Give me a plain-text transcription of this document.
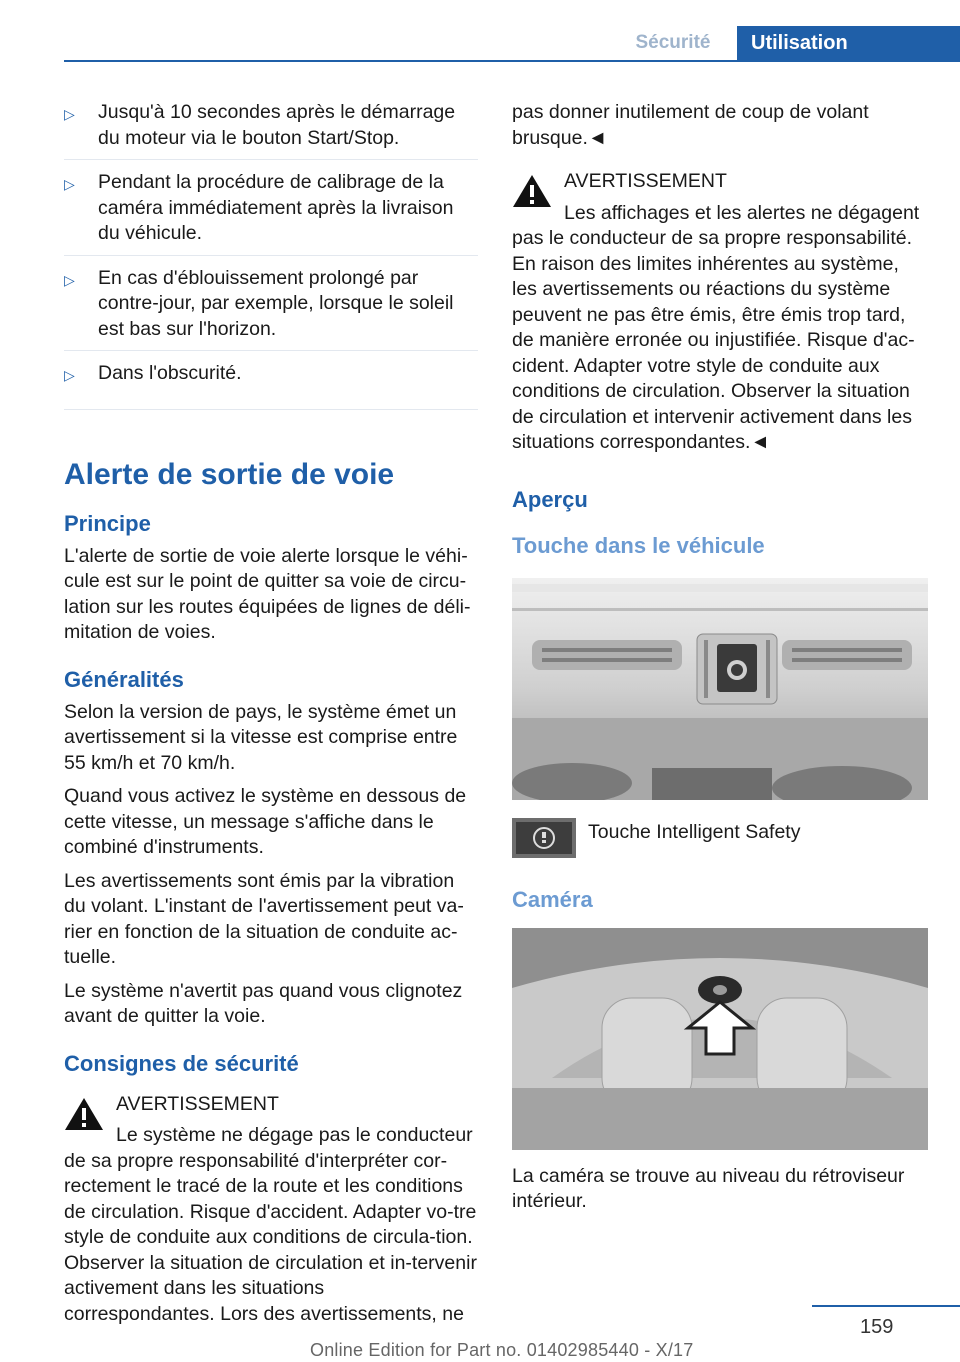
Sécurité	Utilisation
▷ Jusqu'à 10 secondes après le démarrage du moteur via le bouton Start/Stop.
▷ Pendant la procédure de calibrage de la caméra immédiatement après la livraison du véhicule.
▷ En cas d'éblouissement prolongé par contre-jour, par exemple, lorsque le soleil est bas sur l'horizon.
▷ Dans l'obscurité.
Alerte de sortie de voie
Principe

L'alerte de sortie de voie alerte lorsque le véhi‐cule est sur le point de quitter sa voie de circu‐lation sur les routes équipées de lignes de déli‐mitation de voies.

Généralités

Selon la version de pays, le système émet un avertissement si la vitesse est comprise entre 55 km/h et 70 km/h.

Quand vous activez le système en dessous de cette vitesse, un message s'affiche dans le combiné d'instruments.

Les avertissements sont émis par la vibration du volant. L'instant de l'avertissement peut va‐rier en fonction de la situation de conduite ac‐tuelle.

Le système n'avertit pas quand vous clignotez avant de quitter la voie.

Consignes de sécurité
AVERTISSEMENT
Le système ne dégage pas le conducteur
de sa propre responsabilité d'interpréter cor‐rectement le tracé de la route et les conditions de circulation. Risque d'accident. Adapter vo‐tre style de conduite aux conditions de circula‐tion. Observer la situation de circulation et in‐tervenir activement dans les situations correspondantes. Lors des avertissements, ne

pas donner inutilement de coup de volant brusque.◄

AVERTISSEMENT
Les affichages et les alertes ne dégagent
pas le conducteur de sa propre responsabilité. En raison des limites inhérentes au système, les avertissements ou réactions du système peuvent ne pas être émis, être émis trop tard, de manière erronée ou injustifiée. Risque d'ac‐cident. Adapter votre style de conduite aux conditions de circulation. Observer la situation de circulation et intervenir activement dans les situations correspondantes.◄
Aperçu
Touche dans le véhicule
Touche Intelligent Safety
Caméra

La caméra se trouve au niveau du rétroviseur intérieur.

159
Online Edition for Part no. 01402985440 - X/17
